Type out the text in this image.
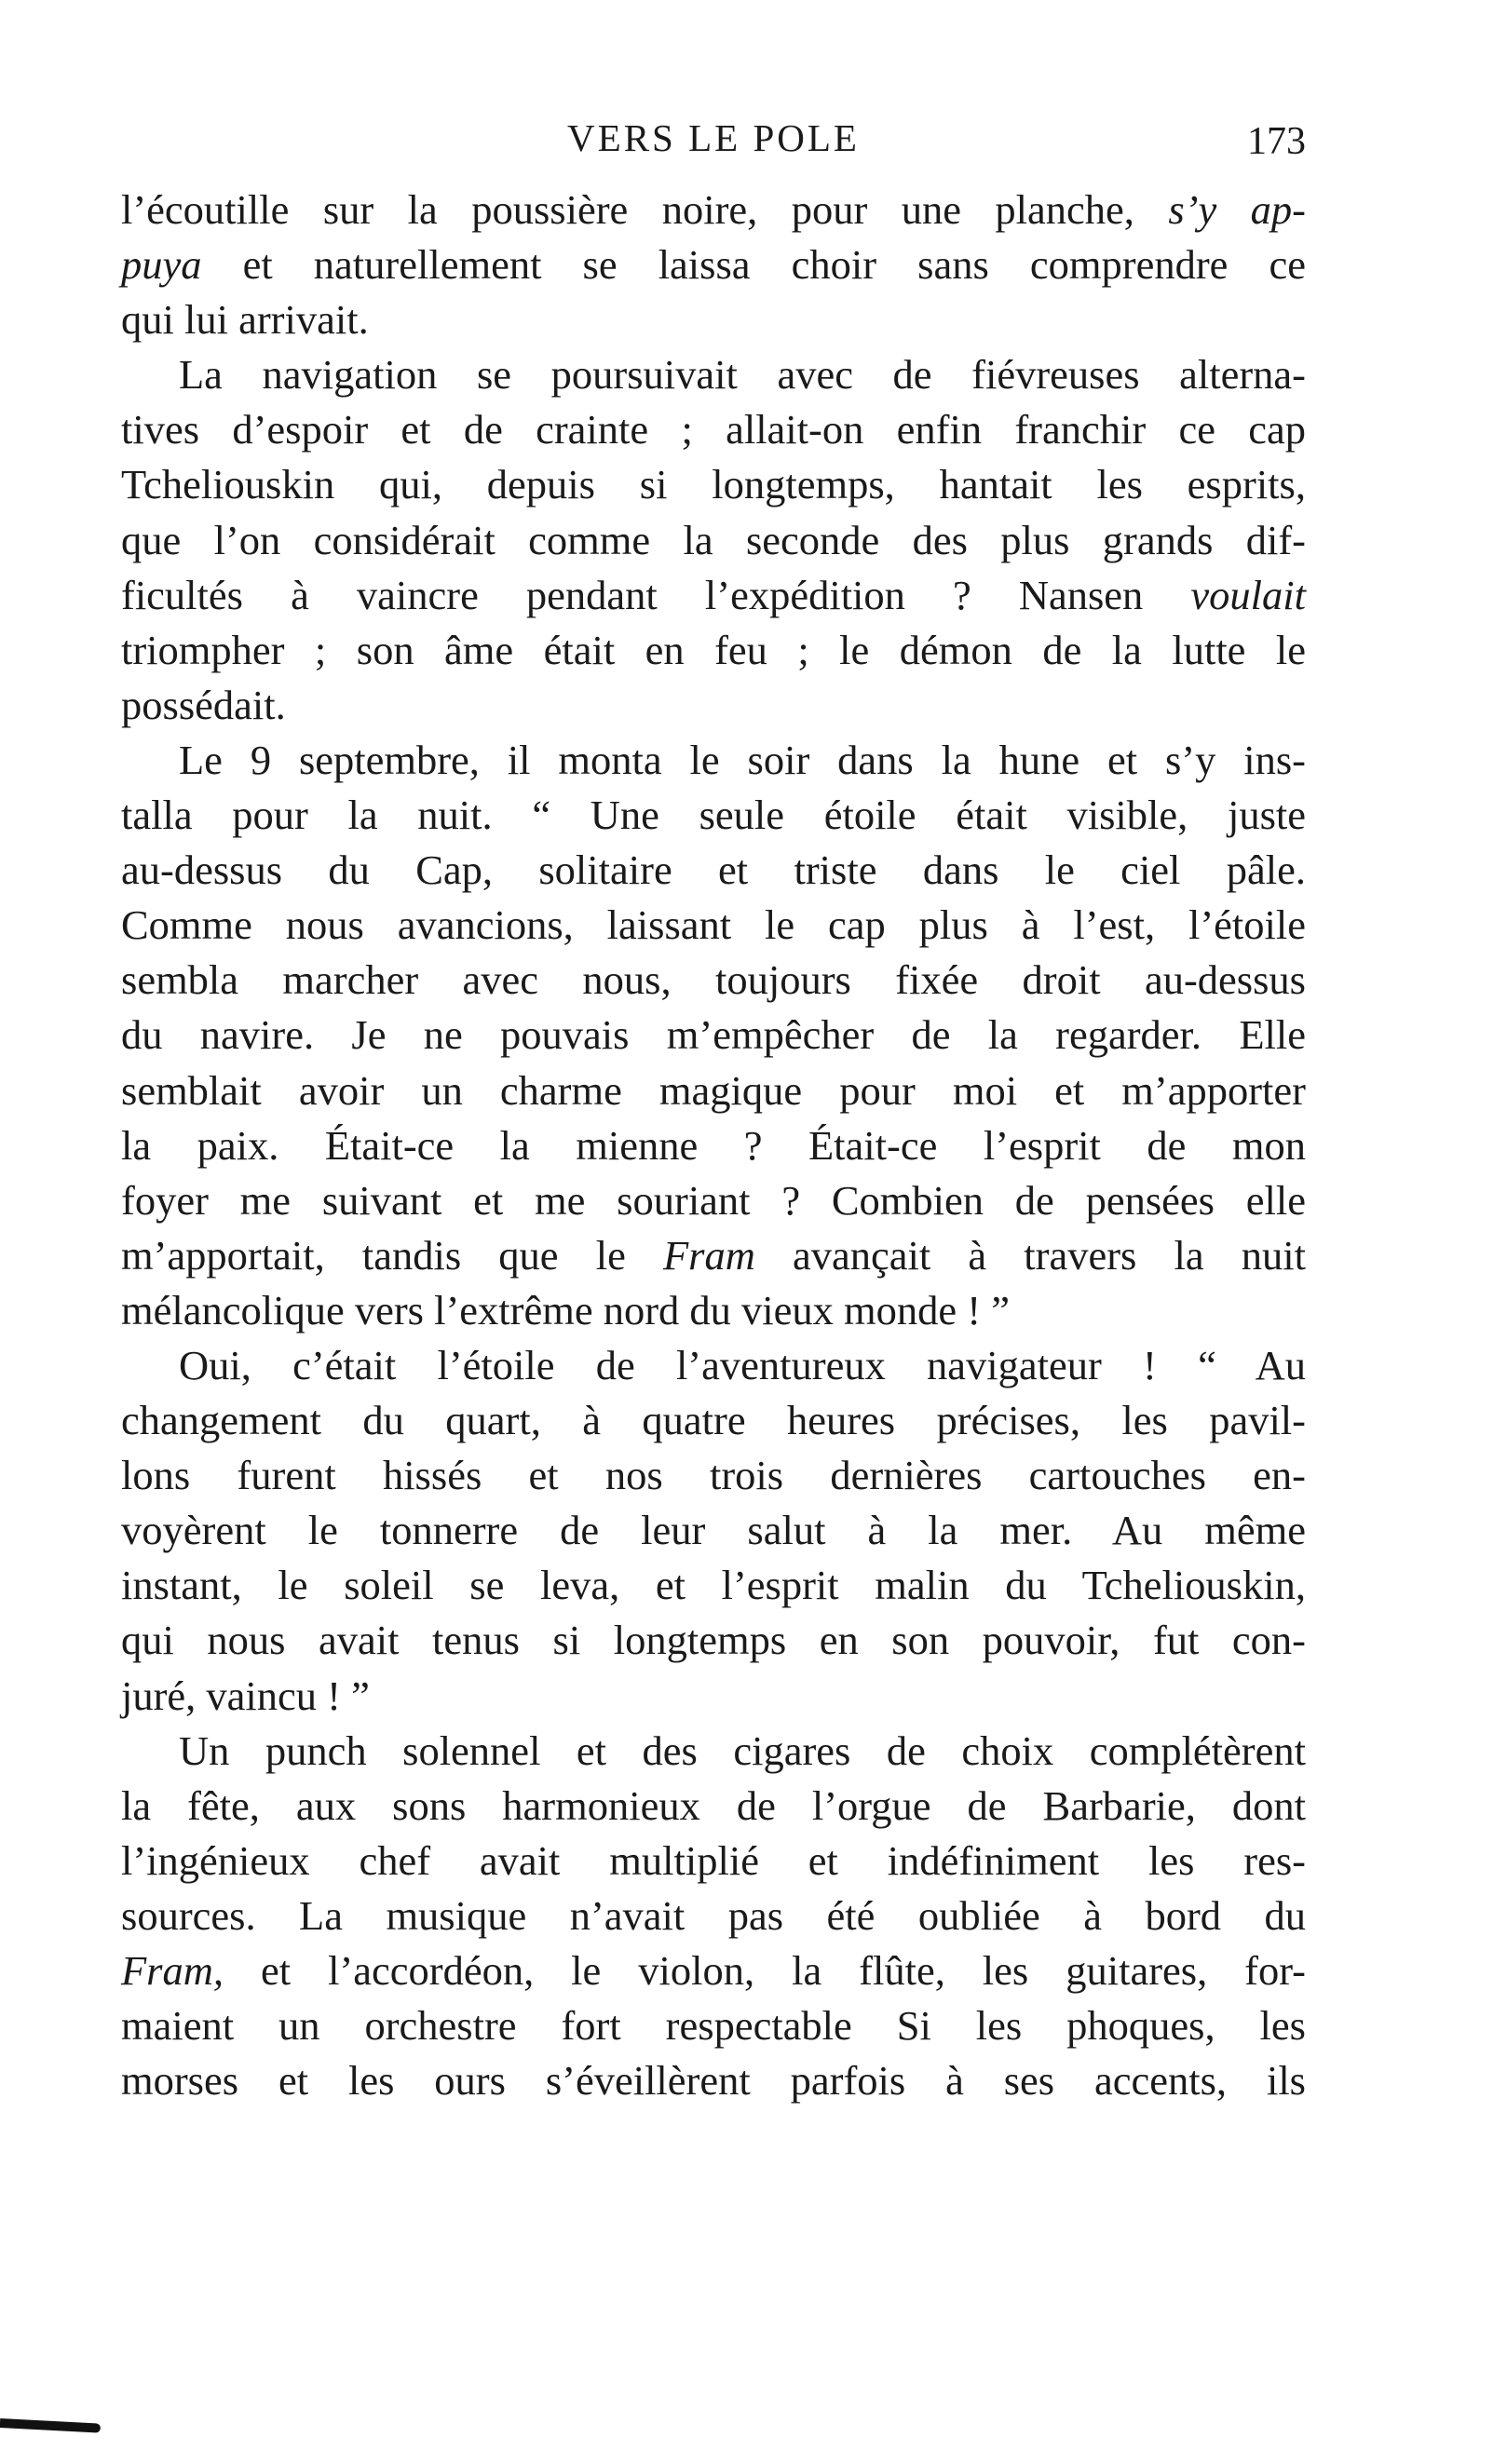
VERS LE POLE	173
l’écoutille sur la poussière noire, pour une planche, s’y ap-
puya et naturellement se laissa choir sans comprendre ce
qui lui arrivait.
La navigation se poursuivait avec de fiévreuses alterna-
tives d’espoir et de crainte ; allait-on enfin franchir ce cap
Tcheliouskin qui, depuis si longtemps, hantait les esprits,
que l’on considérait comme la seconde des plus grands dif-
ficultés à vaincre pendant l’expédition ? Nansen voulait
triompher ; son âme était en feu ; le démon de la lutte le
possédait.
Le 9 septembre, il monta le soir dans la hune et s’y ins-
talla pour la nuit. “ Une seule étoile était visible, juste
au-dessus du Cap, solitaire et triste dans le ciel pâle.
Comme nous avancions, laissant le cap plus à l’est, l’étoile
sembla marcher avec nous, toujours fixée droit au-dessus
du navire. Je ne pouvais m’empêcher de la regarder. Elle
semblait avoir un charme magique pour moi et m’apporter
la paix. Était-ce la mienne ? Était-ce l’esprit de mon
foyer me suivant et me souriant ? Combien de pensées elle
m’apportait, tandis que le Fram avançait à travers la nuit
mélancolique vers l’extrême nord du vieux monde ! ”
Oui, c’était l’étoile de l’aventureux navigateur ! “ Au
changement du quart, à quatre heures précises, les pavil-
lons furent hissés et nos trois dernières cartouches en-
voyèrent le tonnerre de leur salut à la mer. Au même
instant, le soleil se leva, et l’esprit malin du Tcheliouskin,
qui nous avait tenus si longtemps en son pouvoir, fut con-
juré, vaincu ! ”
Un punch solennel et des cigares de choix complétèrent
la fête, aux sons harmonieux de l’orgue de Barbarie, dont
l’ingénieux chef avait multiplié et indéfiniment les res-
sources. La musique n’avait pas été oubliée à bord du
Fram, et l’accordéon, le violon, la flûte, les guitares, for-
maient un orchestre fort respectable Si les phoques, les
morses et les ours s’éveillèrent parfois à ses accents, ils
